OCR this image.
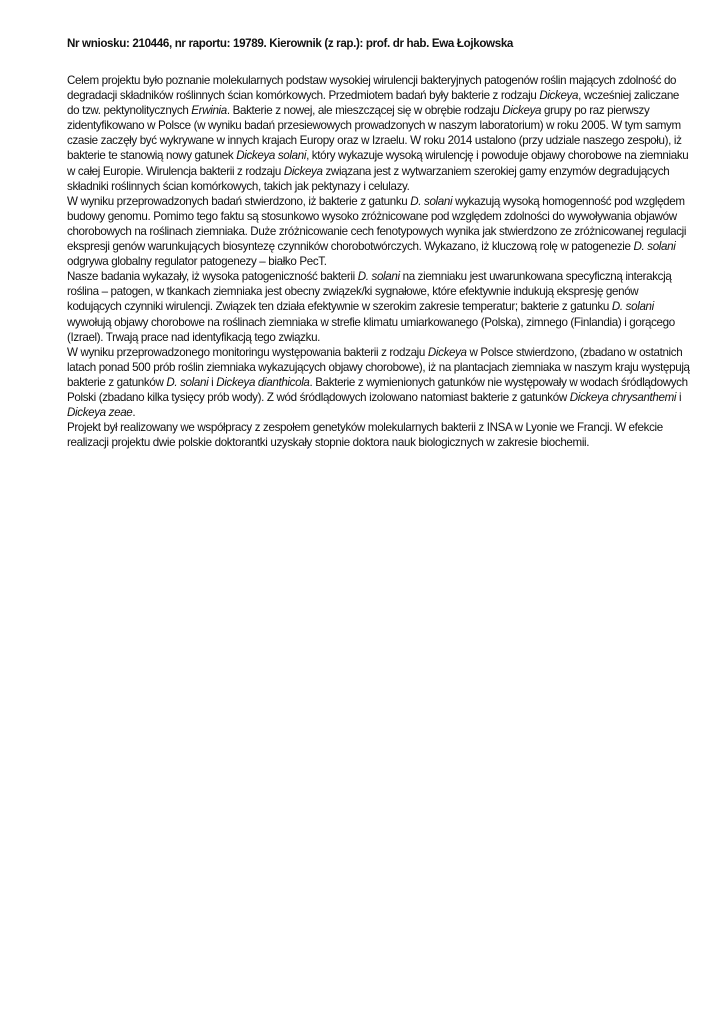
Nr wniosku: 210446, nr raportu: 19789. Kierownik (z rap.): prof. dr hab. Ewa Łojkowska

Celem projektu było poznanie molekularnych podstaw wysokiej wirulencji bakteryjnych patogenów roślin mających zdolność do degradacji składników roślinnych ścian komórkowych. Przedmiotem badań były bakterie z rodzaju Dickeya, wcześniej zaliczane do tzw. pektynolitycznych Erwinia. Bakterie z nowej, ale mieszczącej się w obrębie rodzaju Dickeya grupy po raz pierwszy zidentyfikowano w Polsce (w wyniku badań przesiewowych prowadzonych w naszym laboratorium) w roku 2005. W tym samym czasie zaczęły być wykrywane w innych krajach Europy oraz w Izraelu. W roku 2014 ustalono (przy udziale naszego zespołu), iż bakterie te stanowią nowy gatunek Dickeya solani, który wykazuje wysoką wirulencję i powoduje objawy chorobowe na ziemniaku w całej Europie. Wirulencja bakterii z rodzaju Dickeya związana jest z wytwarzaniem szerokiej gamy enzymów degradujących składniki roślinnych ścian komórkowych, takich jak pektynazy i celulazy.

W wyniku przeprowadzonych badań stwierdzono, iż bakterie z gatunku D. solani wykazują wysoką homogenność pod względem budowy genomu. Pomimo tego faktu są stosunkowo wysoko zróżnicowane pod względem zdolności do wywoływania objawów chorobowych na roślinach ziemniaka. Duże zróżnicowanie cech fenotypowych wynika jak stwierdzono ze zróżnicowanej regulacji ekspresji genów warunkujących biosyntezę czynników chorobotwórczych. Wykazano, iż kluczową rolę w patogenezie D. solani odgrywa globalny regulator patogenezy – białko PecT.

Nasze badania wykazały, iż wysoka patogeniczność bakterii D. solani na ziemniaku jest uwarunkowana specyficzną interakcją roślina – patogen, w tkankach ziemniaka jest obecny związek/ki sygnałowe, które efektywnie indukują ekspresję genów kodujących czynniki wirulencji. Związek ten działa efektywnie w szerokim zakresie temperatur; bakterie z gatunku D. solani wywołują objawy chorobowe na roślinach ziemniaka w strefie klimatu umiarkowanego (Polska), zimnego (Finlandia) i gorącego (Izrael). Trwają prace nad identyfikacją tego związku.

W wyniku przeprowadzonego monitoringu występowania bakterii z rodzaju Dickeya w Polsce stwierdzono, (zbadano w ostatnich latach ponad 500 prób roślin ziemniaka wykazujących objawy chorobowe), iż na plantacjach ziemniaka w naszym kraju występują bakterie z gatunków D. solani i Dickeya dianthicola. Bakterie z wymienionych gatunków nie występowały w wodach śródlądowych Polski (zbadano kilka tysięcy prób wody). Z wód śródlądowych izolowano natomiast bakterie z gatunków Dickeya chrysanthemi i Dickeya zeae.

Projekt był realizowany we współpracy z zespołem genetyków molekularnych bakterii z INSA w Lyonie we Francji. W efekcie realizacji projektu dwie polskie doktorantki uzyskały stopnie doktora nauk biologicznych w zakresie biochemii.
